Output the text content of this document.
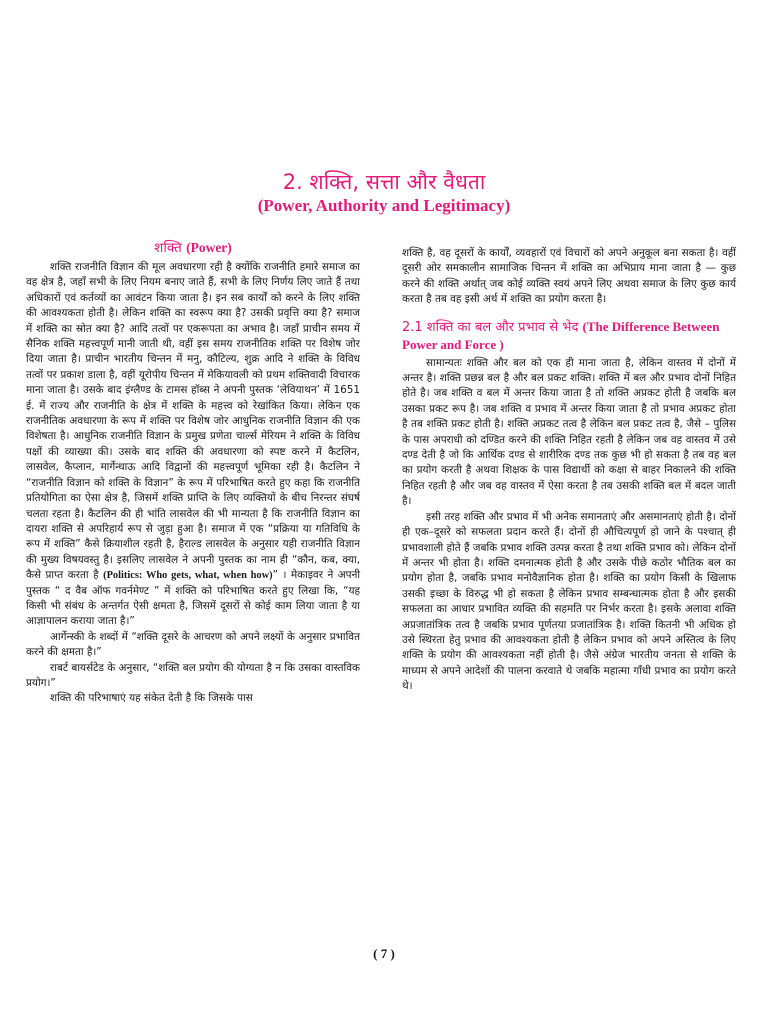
2. शक्ति, सत्ता और वैधता
(Power, Authority and Legitimacy)
शक्ति (Power)

शक्ति राजनीति विज्ञान की मूल अवधारणा रही है क्योंकि राजनीति हमारे समाज का वह क्षेत्र है, जहाँ सभी के लिए नियम बनाए जाते हैं, सभी के लिए निर्णय लिए जाते हैं तथा अधिकारों एवं कर्तव्यों का आवंटन किया जाता है। इन सब कार्यों को करने के लिए शक्ति की आवश्यकता होती है। लेकिन शक्ति का स्वरूप क्या है? उसकी प्रवृत्ति क्या है? समाज में शक्ति का स्रोत क्या है? आदि तत्वों पर एकरूपता का अभाव है। जहाँ प्राचीन समय में सैनिक शक्ति महत्त्वपूर्ण मानी जाती थी, वहीं इस समय राजनीतिक शक्ति पर विशेष जोर दिया जाता है। प्राचीन भारतीय चिन्तन में मनु, कौटिल्य, शुक्र आदि ने शक्ति के विविध तत्वों पर प्रकाश डाला है, वहीं यूरोपीय चिन्तन में मेकियावली को प्रथम शक्तिवादी विचारक माना जाता है। उसके बाद इंग्लैण्ड के टामस हॉब्स ने अपनी पुस्तक ‘लेवियाथन’ में 1651 ई. में राज्य और राजनीति के क्षेत्र में शक्ति के महत्त्व को रेखांकित किया। लेकिन एक राजनीतिक अवधारणा के रूप में शक्ति पर विशेष जोर आधुनिक राजनीति विज्ञान की एक विशेषता है। आधुनिक राजनीति विज्ञान के प्रमुख प्रणेता चार्ल्स मेरियम ने शक्ति के विविध पक्षों की व्याख्या की। उसके बाद शक्ति की अवधारणा को स्पष्ट करने में कैटलिन, लासवेल, कैप्लान, मार्गेन्थाऊ आदि विद्वानों की महत्त्वपूर्ण भूमिका रही है। कैटलिन ने “राजनीति विज्ञान को शक्ति के विज्ञान” के रूप में परिभाषित करते हुए कहा कि राजनीति प्रतियोगिता का ऐसा क्षेत्र है, जिसमें शक्ति प्राप्ति के लिए व्यक्तियों के बीच निरन्तर संघर्ष चलता रहता है। कैटलिन की ही भांति लासवेल की भी मान्यता है कि राजनीति विज्ञान का दायरा शक्ति से अपरिहार्य रूप से जुड़ा हुआ है। समाज में एक “प्रक्रिया या गतिविधि के रूप में शक्ति” कैसे क्रियाशील रहती है, हैराल्ड लासवेल के अनुसार यही राजनीति विज्ञान की मुख्य विषयवस्तु है। इसलिए लासवेल ने अपनी पुस्तक का नाम ही “कौन, कब, क्या, कैसे प्राप्त करता है (Politics: Who gets, what, when how)” । मेकाइवर ने अपनी पुस्तक “ द वैब ऑफ गवर्नमेण्ट ” में शक्ति को परिभाषित करते हुए लिखा कि, “यह किसी भी संबंध के अन्तर्गत ऐसी क्षमता है, जिसमें दूसरों से कोई काम लिया जाता है या आज्ञापालन कराया जाता है।”

आर्गेन्स्की के शब्दों में “शक्ति दूसरे के आचरण को अपने लक्ष्यों के अनुसार प्रभावित करने की क्षमता है।”

राबर्ट बायर्सटेड के अनुसार, “शक्ति बल प्रयोग की योग्यता है न कि उसका वास्तविक प्रयोग।”

शक्ति की परिभाषाएं यह संकेत देती है कि जिसके पास

शक्ति है, वह दूसरों के कार्यों, व्यवहारों एवं विचारों को अपने अनुकूल बना सकता है। वहीं दूसरी ओर समकालीन सामाजिक चिन्तन में शक्ति का अभिप्राय माना जाता है — कुछ करने की शक्ति अर्थात् जब कोई व्यक्ति स्वयं अपने लिए अथवा समाज के लिए कुछ कार्य करता है तब वह इसी अर्थ में शक्ति का प्रयोग करता है।

2.1 शक्ति का बल और प्रभाव से भेद (The Difference Between Power and Force )

सामान्यतः शक्ति और बल को एक ही माना जाता है, लेकिन वास्तव में दोनों में अन्तर है। शक्ति प्रछन्न बल है और बल प्रकट शक्ति। शक्ति में बल और प्रभाव दोनों निहित होते है। जब शक्ति व बल में अन्तर किया जाता है तो शक्ति अप्रकट होती है जबकि बल उसका प्रकट रूप है। जब शक्ति व प्रभाव में अन्तर किया जाता है तो प्रभाव अप्रकट होता है तब शक्ति प्रकट होती है। शक्ति अप्रकट तत्व है लेकिन बल प्रकट तत्व है, जैसे – पुलिस के पास अपराधी को दण्डित करने की शक्ति निहित रहती है लेकिन जब वह वास्तव में उसे दण्ड देती है जो कि आर्थिक दण्ड से शारीरिक दण्ड तक कुछ भी हो सकता है तब वह बल का प्रयोग करती है अथवा शिक्षक के पास विद्यार्थी को कक्षा से बाहर निकालने की शक्ति निहित रहती है और जब वह वास्तव में ऐसा करता है तब उसकी शक्ति बल में बदल जाती है।

इसी तरह शक्ति और प्रभाव में भी अनेक समानताएं और असमानताएं होती है। दोनों ही एक–दूसरे को सफलता प्रदान करते हैं। दोनों ही औचित्यपूर्ण हो जाने के पश्चात् ही प्रभावशाली होते हैं जबकि प्रभाव शक्ति उत्पन्न करता है तथा शक्ति प्रभाव को। लेकिन दोनों में अन्तर भी होता है। शक्ति दमनात्मक होती है और उसके पीछे कठोर भौतिक बल का प्रयोग होता है, जबकि प्रभाव मनोवैज्ञानिक होता है। शक्ति का प्रयोग किसी के खिलाफ उसकी इच्छा के विरुद्ध भी हो सकता है लेकिन प्रभाव सम्बन्धात्मक होता है और इसकी सफलता का आधार प्रभावित व्यक्ति की सहमति पर निर्भर करता है। इसके अलावा शक्ति अप्रजातांत्रिक तत्व है जबकि प्रभाव पूर्णतया प्रजातांत्रिक है। शक्ति कितनी भी अधिक हो उसे स्थिरता हेतु प्रभाव की आवश्यकता होती है लेकिन प्रभाव को अपने अस्तित्व के लिए शक्ति के प्रयोग की आवश्यकता नहीं होती है। जैसे अंग्रेज भारतीय जनता से शक्ति के माध्यम से अपने आदेशों की पालना करवाते थे जबकि महात्मा गाँधी प्रभाव का प्रयोग करते थे।

( 7 )
